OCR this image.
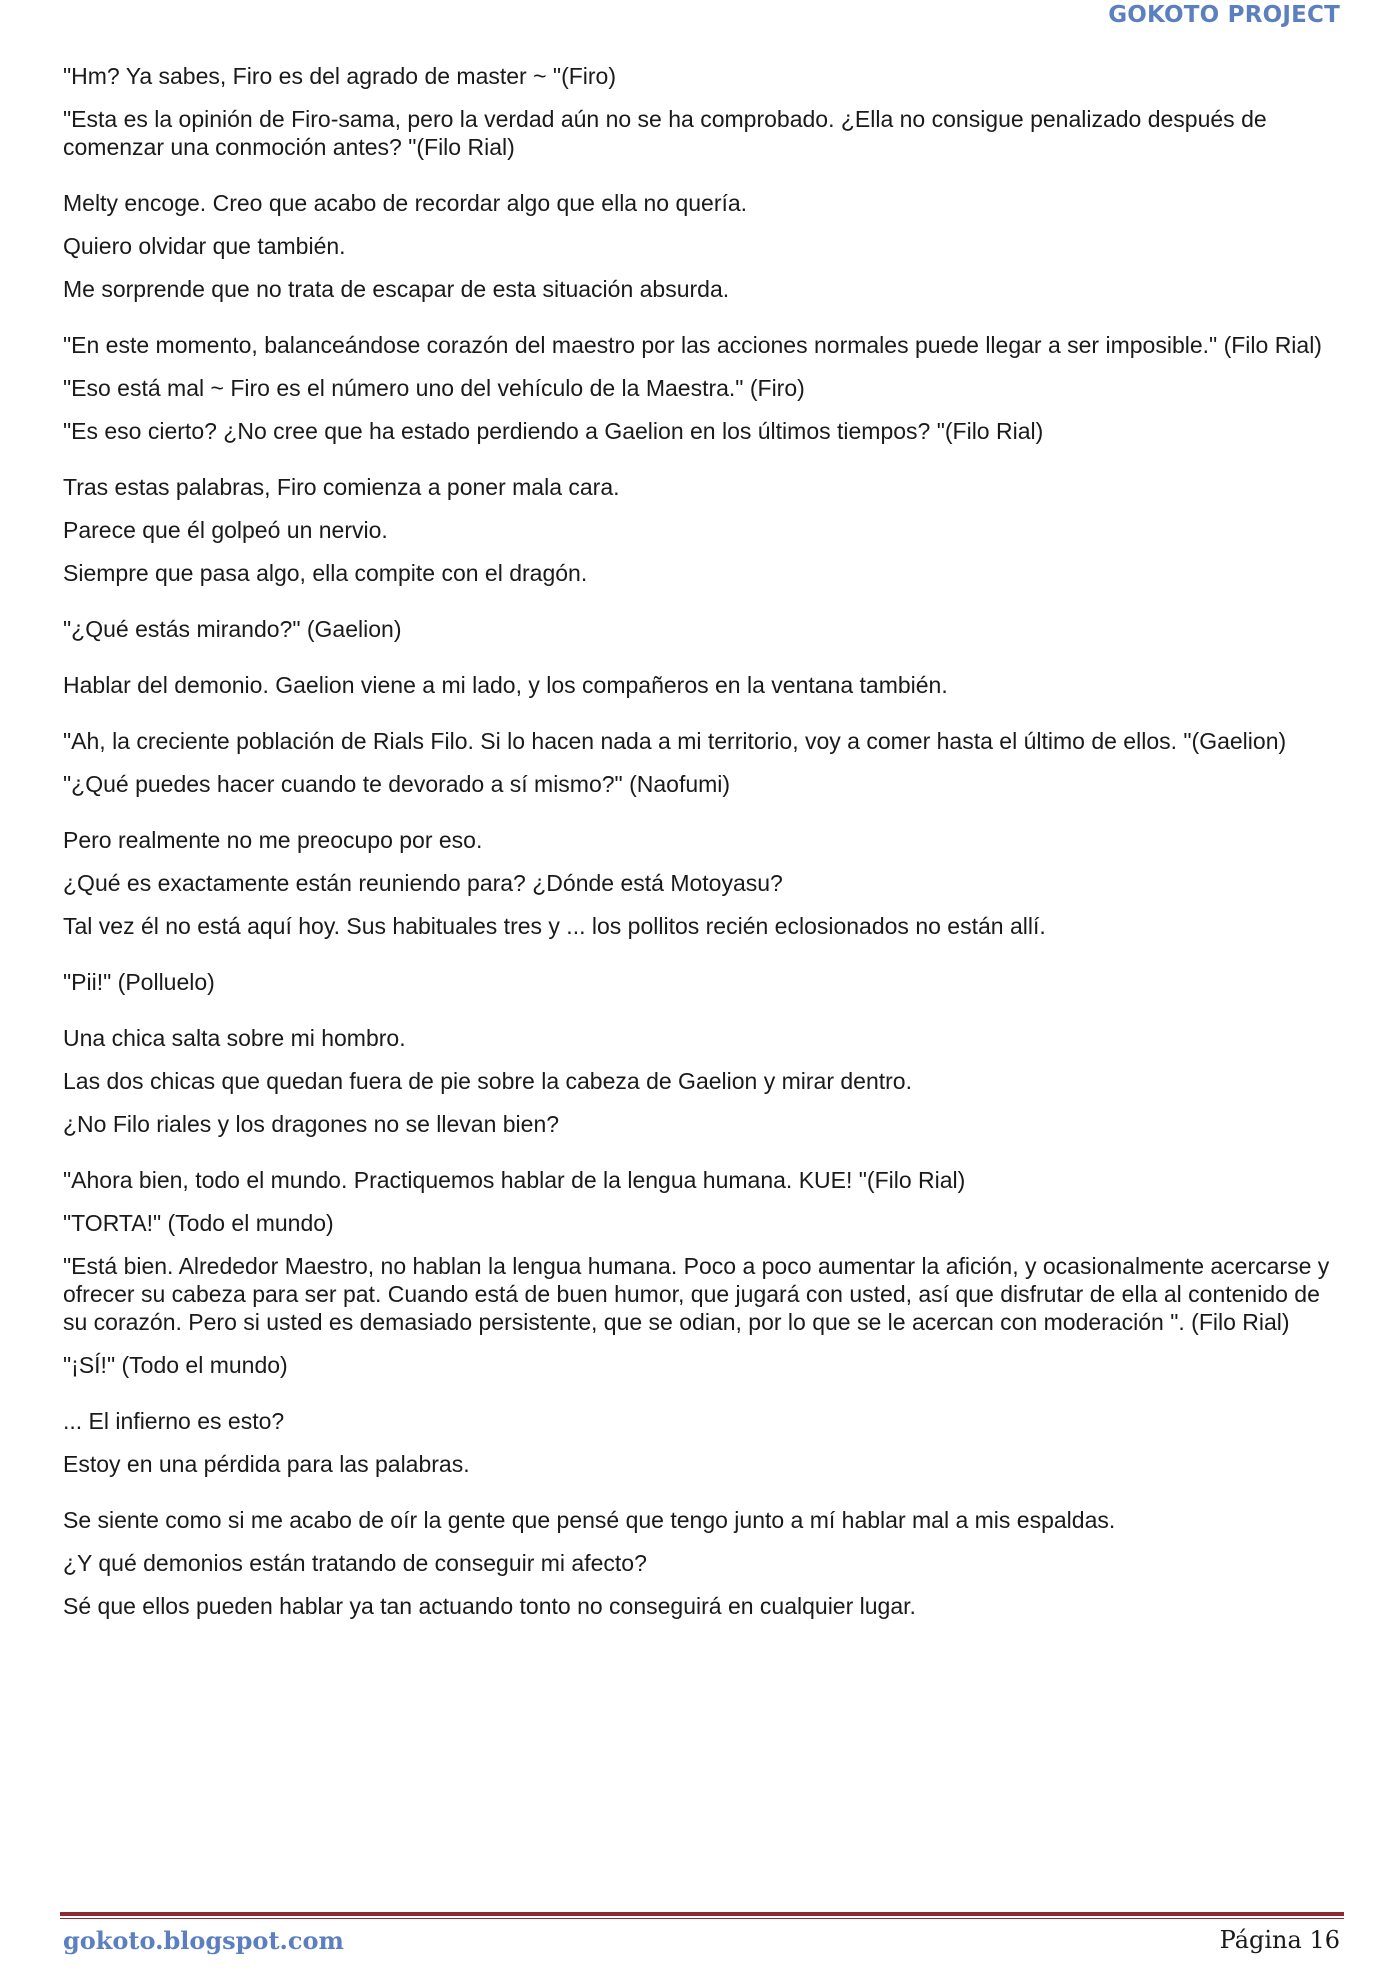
GOKOTO PROJECT

"Hm? Ya sabes, Firo es del agrado de master ~ "(Firo)

"Esta es la opinión de Firo-sama, pero la verdad aún no se ha comprobado. ¿Ella no consigue penalizado después de comenzar una conmoción antes? "(Filo Rial)

Melty encoge. Creo que acabo de recordar algo que ella no quería.

Quiero olvidar que también.

Me sorprende que no trata de escapar de esta situación absurda.

"En este momento, balanceándose corazón del maestro por las acciones normales puede llegar a ser imposible." (Filo Rial)

"Eso está mal ~ Firo es el número uno del vehículo de la Maestra." (Firo)

"Es eso cierto? ¿No cree que ha estado perdiendo a Gaelion en los últimos tiempos? "(Filo Rial)

Tras estas palabras, Firo comienza a poner mala cara.

Parece que él golpeó un nervio.

Siempre que pasa algo, ella compite con el dragón.

"¿Qué estás mirando?" (Gaelion)

Hablar del demonio. Gaelion viene a mi lado, y los compañeros en la ventana también.

"Ah, la creciente población de Rials Filo. Si lo hacen nada a mi territorio, voy a comer hasta el último de ellos. "(Gaelion)

"¿Qué puedes hacer cuando te devorado a sí mismo?" (Naofumi)

Pero realmente no me preocupo por eso.

¿Qué es exactamente están reuniendo para? ¿Dónde está Motoyasu?

Tal vez él no está aquí hoy. Sus habituales tres y ... los pollitos recién eclosionados no están allí.

"Pii!" (Polluelo)

Una chica salta sobre mi hombro.

Las dos chicas que quedan fuera de pie sobre la cabeza de Gaelion y mirar dentro.

¿No Filo riales y los dragones no se llevan bien?

"Ahora bien, todo el mundo. Practiquemos hablar de la lengua humana. KUE! "(Filo Rial)

"TORTA!" (Todo el mundo)

"Está bien. Alrededor Maestro, no hablan la lengua humana. Poco a poco aumentar la afición, y ocasionalmente acercarse y ofrecer su cabeza para ser pat. Cuando está de buen humor, que jugará con usted, así que disfrutar de ella al contenido de su corazón. Pero si usted es demasiado persistente, que se odian, por lo que se le acercan con moderación ". (Filo Rial)

"¡SÍ!" (Todo el mundo)

... El infierno es esto?

Estoy en una pérdida para las palabras.

Se siente como si me acabo de oír la gente que pensé que tengo junto a mí hablar mal a mis espaldas.

¿Y qué demonios están tratando de conseguir mi afecto?

Sé que ellos pueden hablar ya tan actuando tonto no conseguirá en cualquier lugar.

gokoto.blogspot.com	Página 16
